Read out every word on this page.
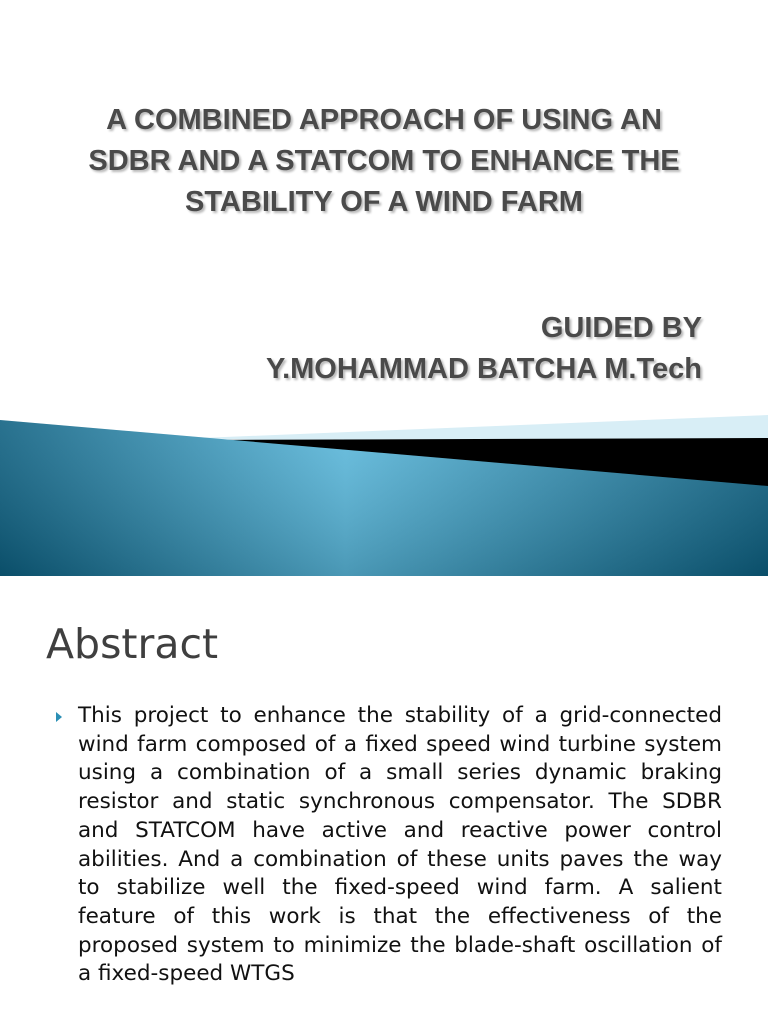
A COMBINED APPROACH OF USING AN
SDBR AND A STATCOM TO ENHANCE THE
STABILITY OF A WIND FARM
GUIDED BY
Y.MOHAMMAD BATCHA M.Tech
Abstract

This project to enhance the stability of a grid-connected wind farm composed of a fixed speed wind turbine system using a combination of a small series dynamic braking resistor and static synchronous compensator. The SDBR and STATCOM have active and reactive power control abilities. And a combination of these units paves the way to stabilize well the fixed-speed wind farm. A salient feature of this work is that the effectiveness of the proposed system to minimize the blade-shaft oscillation of a fixed-speed WTGS
